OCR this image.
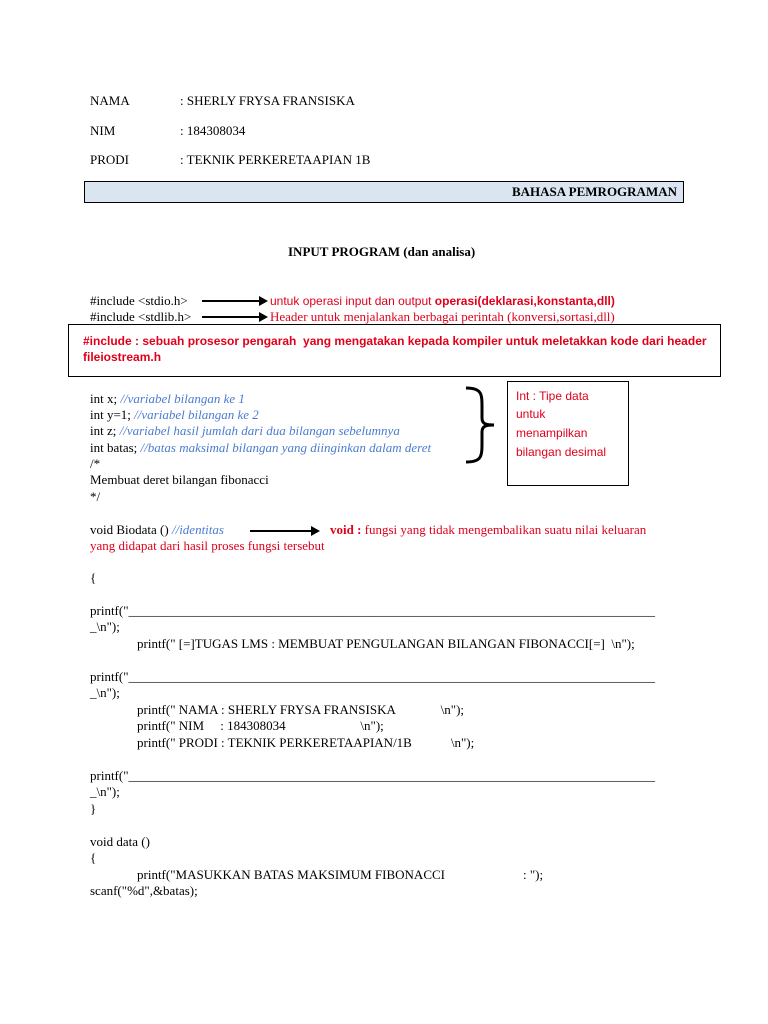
NAMA	: SHERLY FRYSA FRANSISKA
NIM	: 184308034
PRODI	: TEKNIK PERKERETAAPIAN 1B
BAHASA PEMROGRAMAN
INPUT PROGRAM (dan analisa)
#include <stdio.h>	untuk operasi input dan output operasi(deklarasi,konstanta,dll)
#include <stdlib.h>	Header untuk menjalankan berbagai perintah (konversi,sortasi,dll)
#include : sebuah prosesor pengarah  yang mengatakan kepada kompiler untuk meletakkan kode dari header
fileiostream.h
int x; //variabel bilangan ke 1
int y=1; //variabel bilangan ke 2
int z; //variabel hasil jumlah dari dua bilangan sebelumnya
int batas; //batas maksimal bilangan yang diinginkan dalam deret
/*
Membuat deret bilangan fibonacci
*/
Int : Tipe data
untuk
menampilkan
bilangan desimal
void Biodata () //identitas	void : fungsi yang tidak mengembalikan suatu nilai keluaran
yang didapat dari hasil proses fungsi tersebut
{
printf("_________________________________________________________________________________
_\n");
printf(" [=]TUGAS LMS : MEMBUAT PENGULANGAN BILANGAN FIBONACCI[=]  \n");
printf("_________________________________________________________________________________
_\n");
printf(" NAMA : SHERLY FRYSA FRANSISKA              \n");
printf(" NIM     : 184308034                       \n");
printf(" PRODI : TEKNIK PERKERETAAPIAN/1B            \n");
printf("_________________________________________________________________________________
_\n");
}
void data ()
{
printf("MASUKKAN BATAS MAKSIMUM FIBONACCI                        : ");
scanf("%d",&batas);
